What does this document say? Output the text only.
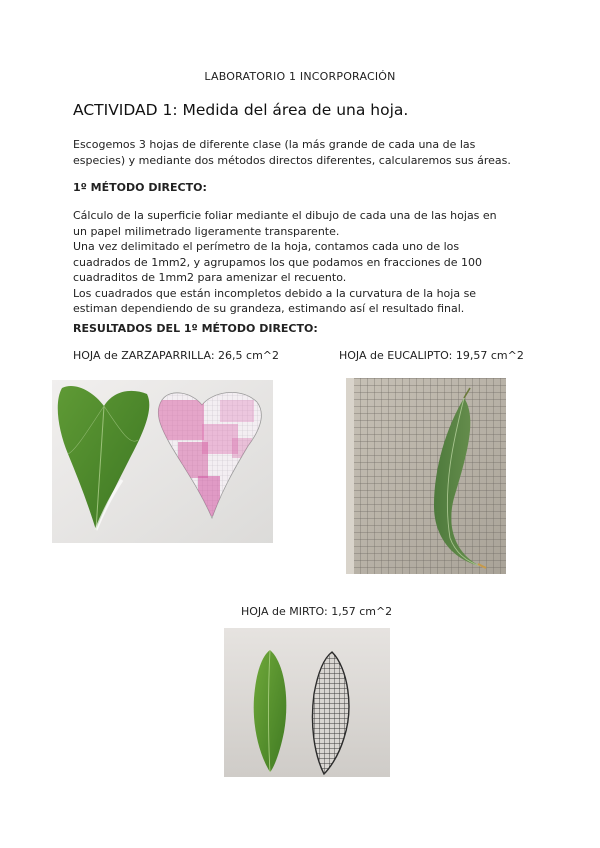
LABORATORIO 1 INCORPORACIÓN
ACTIVIDAD 1: Medida del área de una hoja.
Escogemos 3 hojas de diferente clase (la más grande de cada una de las
especies) y mediante dos métodos directos diferentes, calcularemos sus áreas.
1º MÉTODO DIRECTO:
Cálculo de la superficie foliar mediante el dibujo de cada una de las hojas en
un papel milimetrado ligeramente transparente.
Una vez delimitado el perímetro de la hoja, contamos cada uno de los
cuadrados de 1mm2, y agrupamos los que podamos en fracciones de 100
cuadraditos de 1mm2 para amenizar el recuento.
Los cuadrados que están incompletos debido a la curvatura de la hoja se
estiman dependiendo de su grandeza, estimando así el resultado final.
RESULTADOS DEL 1º MÉTODO DIRECTO:
HOJA de ZARZAPARRILLA: 26,5 cm^2	HOJA de EUCALIPTO: 19,57 cm^2
HOJA de MIRTO: 1,57 cm^2
